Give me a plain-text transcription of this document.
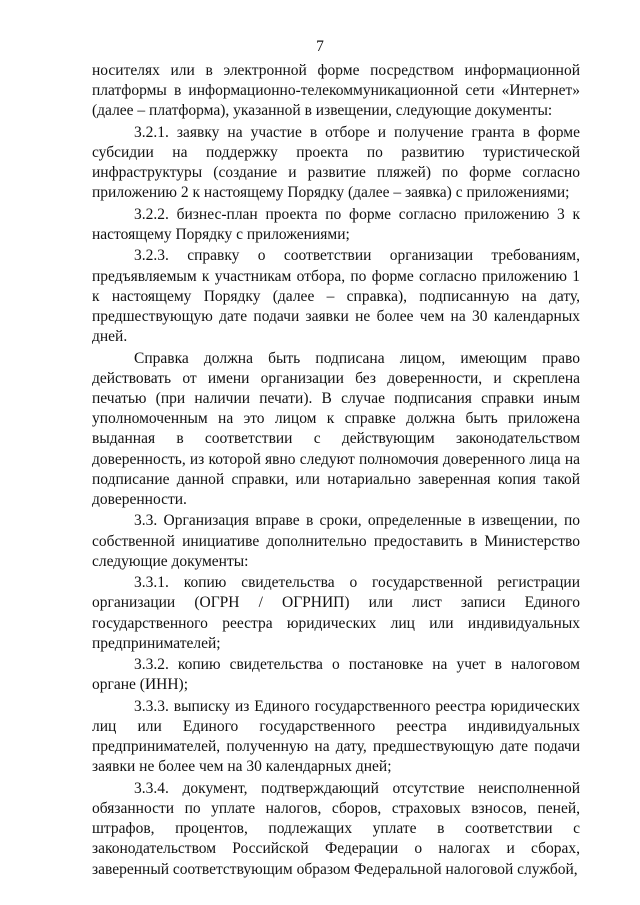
7

носителях или в электронной форме посредством информационной платформы в информационно-телекоммуникационной сети «Интернет» (далее – платформа), указанной в извещении, следующие документы:

3.2.1. заявку на участие в отборе и получение гранта в форме субсидии на поддержку проекта по развитию туристической инфраструктуры (создание и развитие пляжей) по форме согласно приложению 2 к настоящему Порядку (далее – заявка) с приложениями;

3.2.2. бизнес-план проекта по форме согласно приложению 3 к настоящему Порядку с приложениями;

3.2.3. справку о соответствии организации требованиям, предъявляемым к участникам отбора, по форме согласно приложению 1 к настоящему Порядку (далее – справка), подписанную на дату, предшествующую дате подачи заявки не более чем на 30 календарных дней.

Справка должна быть подписана лицом, имеющим право действовать от имени организации без доверенности, и скреплена печатью (при наличии печати). В случае подписания справки иным уполномоченным на это лицом к справке должна быть приложена выданная в соответствии с действующим законодательством доверенность, из которой явно следуют полномочия доверенного лица на подписание данной справки, или нотариально заверенная копия такой доверенности.

3.3. Организация вправе в сроки, определенные в извещении, по собственной инициативе дополнительно предоставить в Министерство следующие документы:

3.3.1. копию свидетельства о государственной регистрации организации (ОГРН / ОГРНИП) или лист записи Единого государственного реестра юридических лиц или индивидуальных предпринимателей;

3.3.2. копию свидетельства о постановке на учет в налоговом органе (ИНН);

3.3.3. выписку из Единого государственного реестра юридических лиц или Единого государственного реестра индивидуальных предпринимателей, полученную на дату, предшествующую дате подачи заявки не более чем на 30 календарных дней;

3.3.4. документ, подтверждающий отсутствие неисполненной обязанности по уплате налогов, сборов, страховых взносов, пеней, штрафов, процентов, подлежащих уплате в соответствии с законодательством Российской Федерации о налогах и сборах, заверенный соответствующим образом Федеральной налоговой службой,
